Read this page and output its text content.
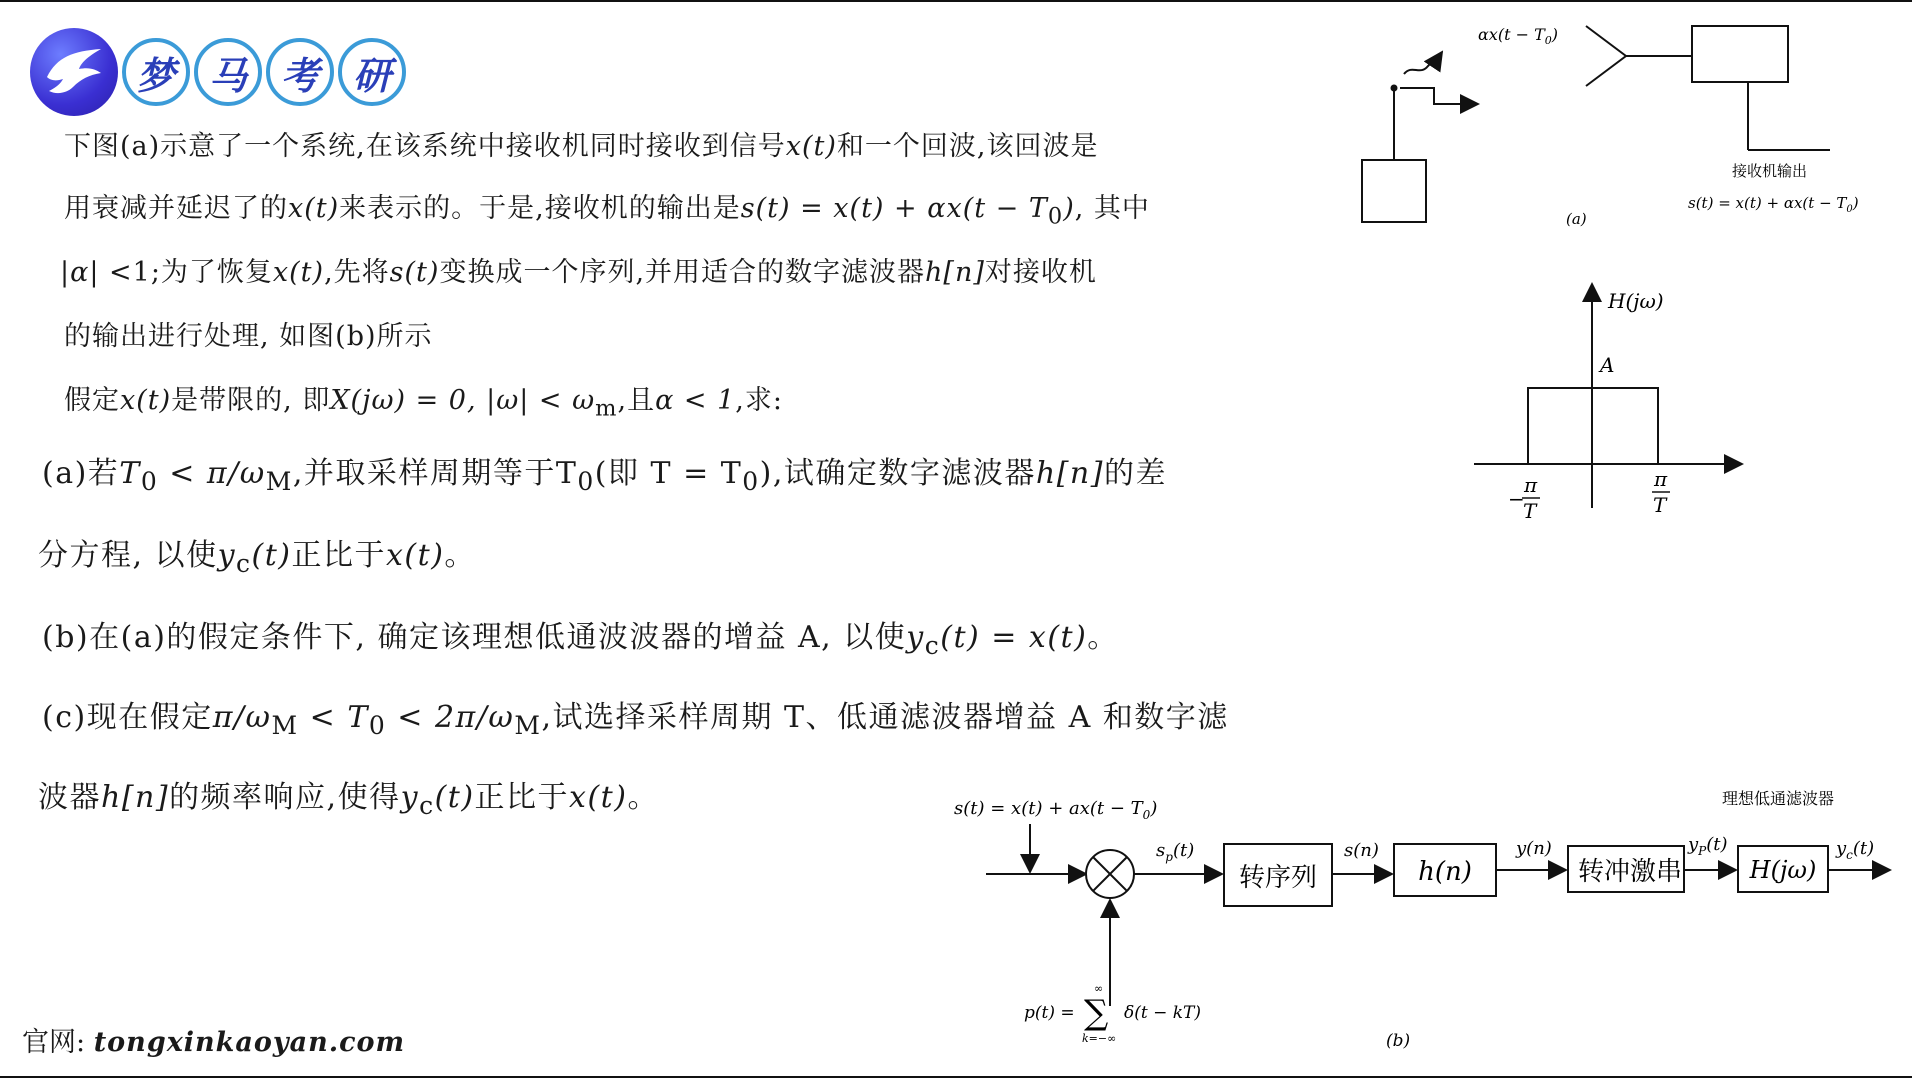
梦 马 考 研
下图(a)示意了一个系统,在该系统中接收机同时接收到信号x(t)和一个回波,该回波是
用衰减并延迟了的x(t)来表示的。于是,接收机的输出是$s(t) = x(t) + \alpha x(t - T_0)$, 其中
|α| <1;为了恢复x(t),先将s(t)变换成一个序列,并用适合的数字滤波器h[n]对接收机
的输出进行处理, 如图(b)所示
假定x(t)是带限的, 即X(jω) = 0, $|\omega| < \omega_m$,且α < 1,求:
(a)若$T_0 < \pi/\omega_M$,并取采样周期等于$T_0$(即 $T = T_0$),试确定数字滤波器h[n]的差
分方程, 以使$y_c(t)$正比于x(t)。
(b)在(a)的假定条件下, 确定该理想低通波波器的增益 A, 以使$y_c(t) = x(t)$。
(c)现在假定$\pi/\omega_M < T_0 < 2\pi/\omega_M$,试选择采样周期 T、低通滤波器增益 A 和数字滤
波器h[n]的频率响应,使得$y_c(t)$正比于x(t)。
$\alpha x(t - T_0)$
接收机输出
$s(t) = x(t) + \alpha x(t - T_0)$
(a)
H(jω)
A
−
π
T
π
T
$s(t) = x(t) + ax(t - T_0)$
$s_p(t)$
转序列
s(n)
h(n)
y(n)
转冲激串
$y_P(t)$
理想低通滤波器
H(jω)
$y_c(t)$
p(t) = ∑
∞
k=−∞
δ(t − kT)
(b)
官网: tongxinkaoyan.com
